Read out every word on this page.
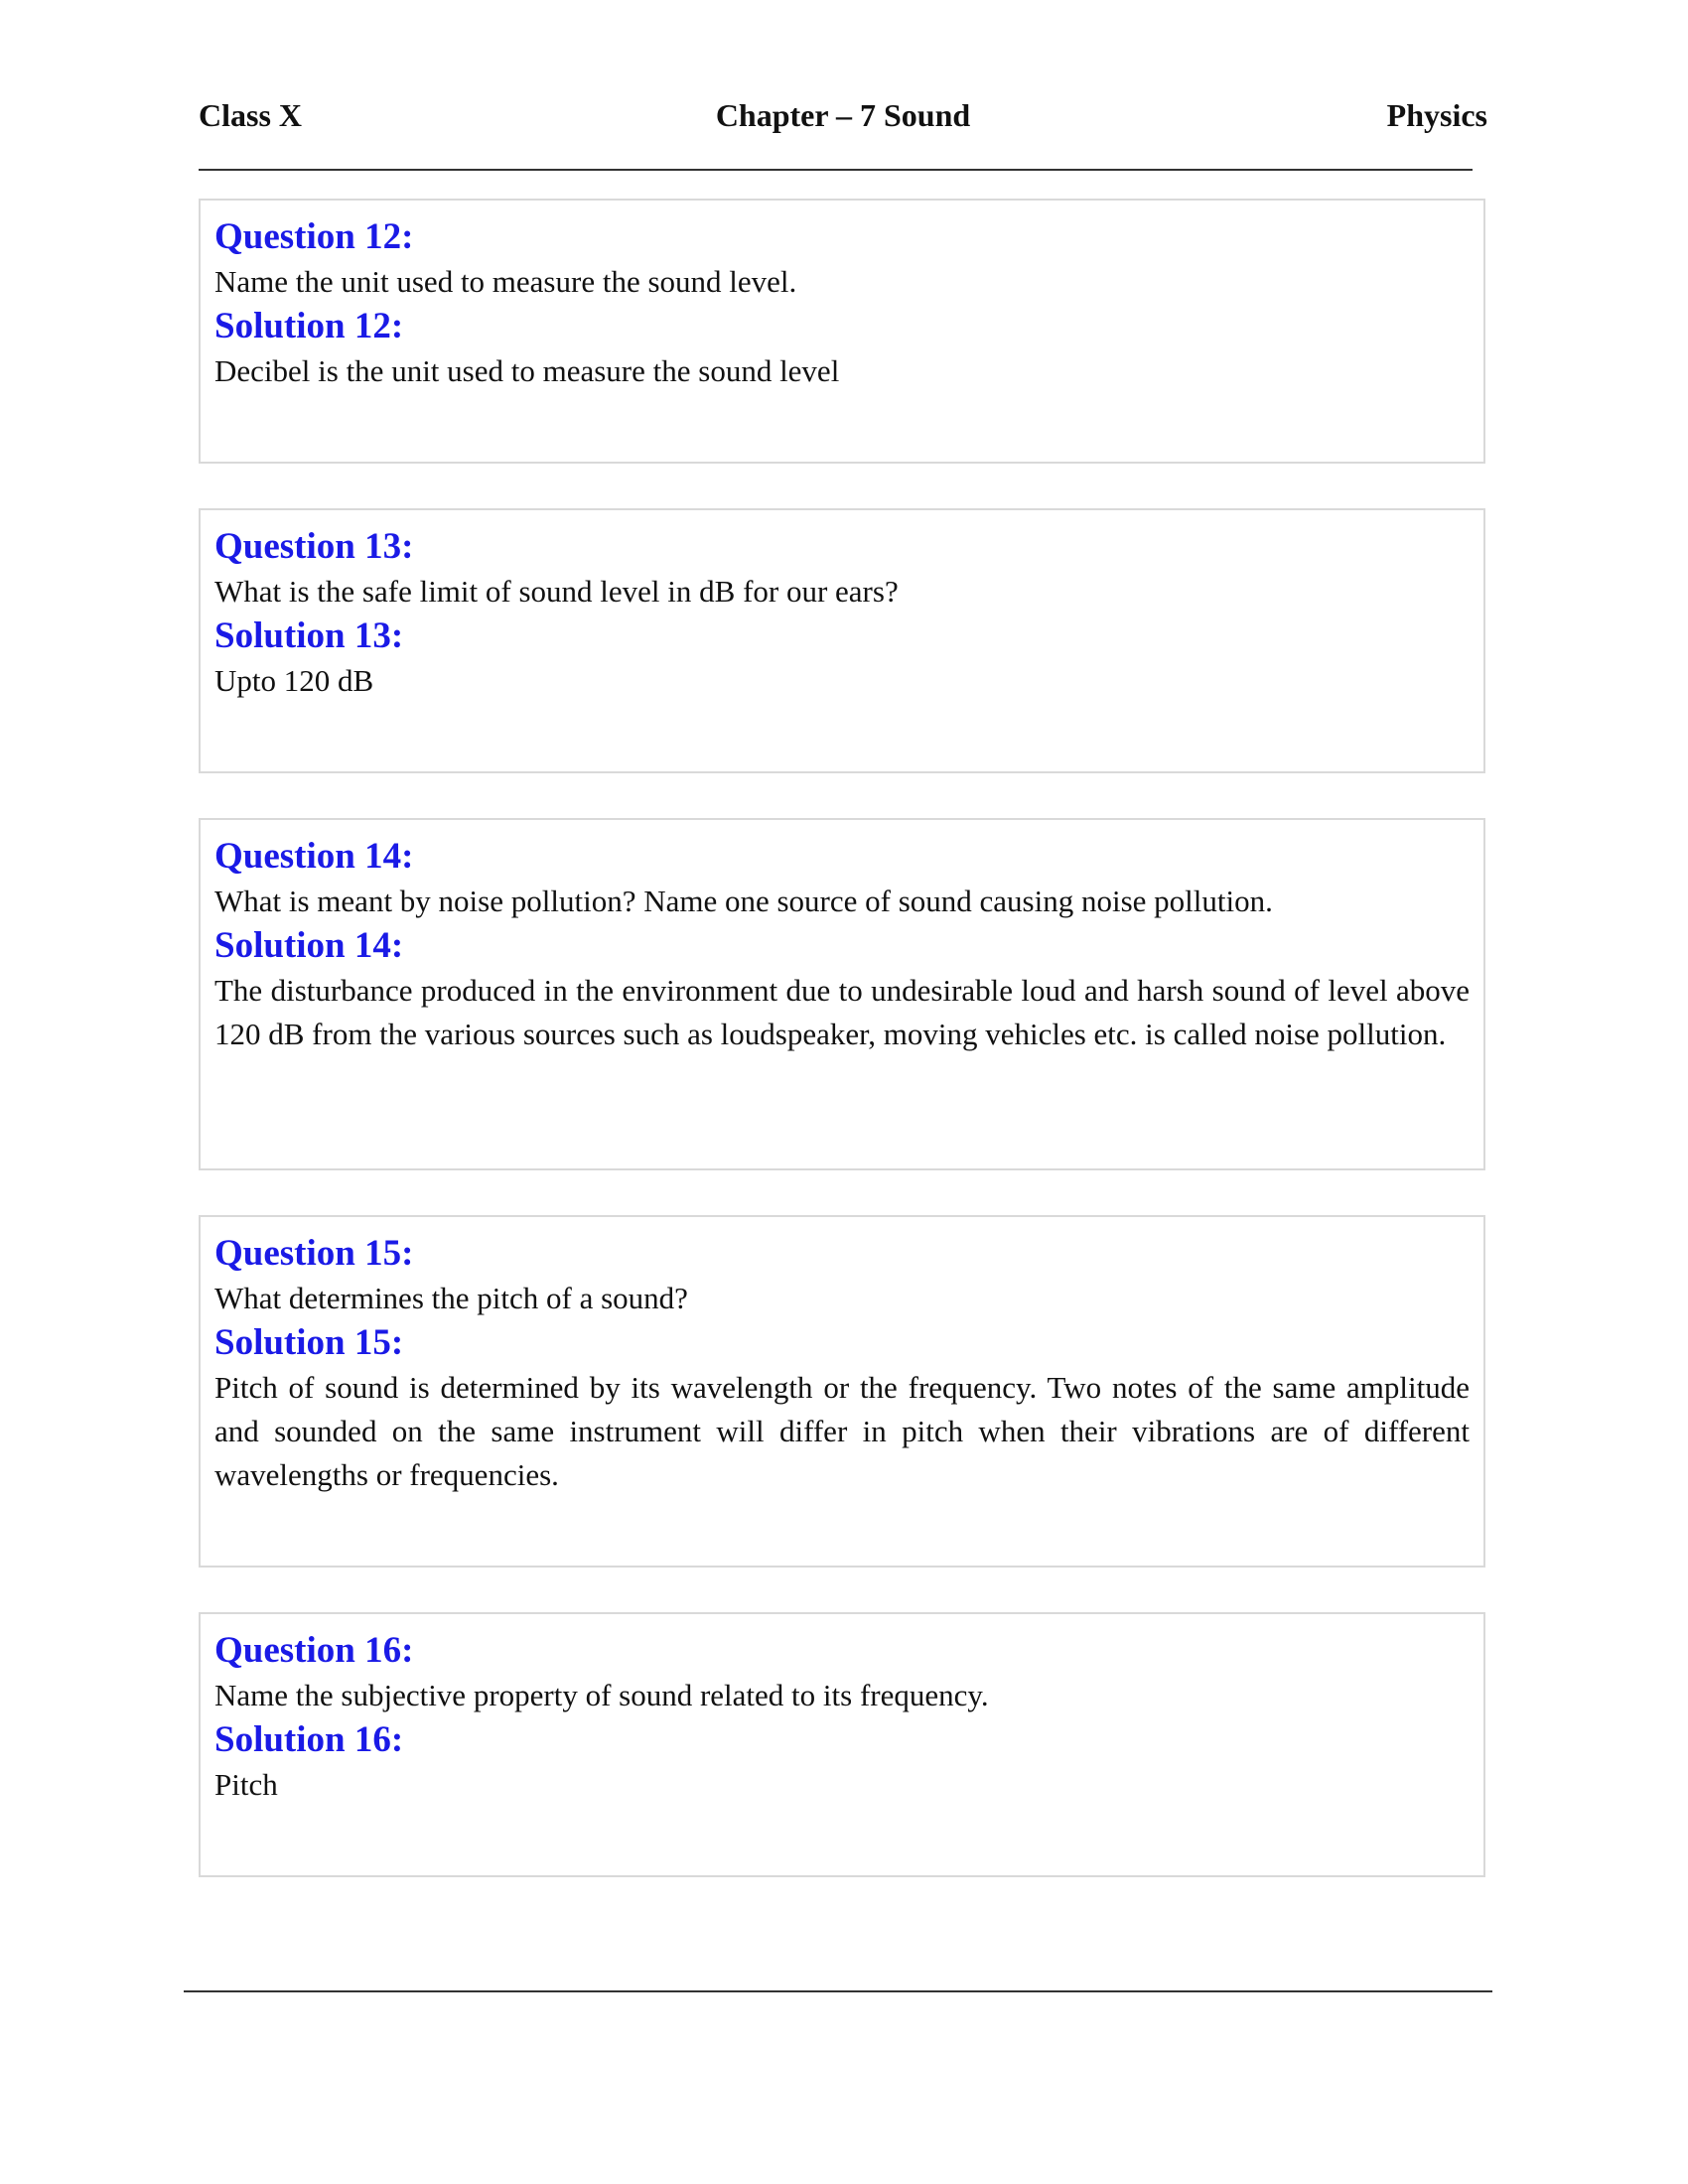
Class X	Chapter – 7 Sound	Physics
Question 12:
Name the unit used to measure the sound level.
Solution 12:
Decibel is the unit used to measure the sound level
Question 13:
What is the safe limit of sound level in dB for our ears?
Solution 13:
Upto 120 dB
Question 14:
What is meant by noise pollution? Name one source of sound causing noise pollution.
Solution 14:
The disturbance produced in the environment due to undesirable loud and harsh sound of level above 120 dB from the various sources such as loudspeaker, moving vehicles etc. is called noise pollution.
Question 15:
What determines the pitch of a sound?
Solution 15:
Pitch of sound is determined by its wavelength or the frequency. Two notes of the same amplitude and sounded on the same instrument will differ in pitch when their vibrations are of different wavelengths or frequencies.
Question 16:
Name the subjective property of sound related to its frequency.
Solution 16:
Pitch
